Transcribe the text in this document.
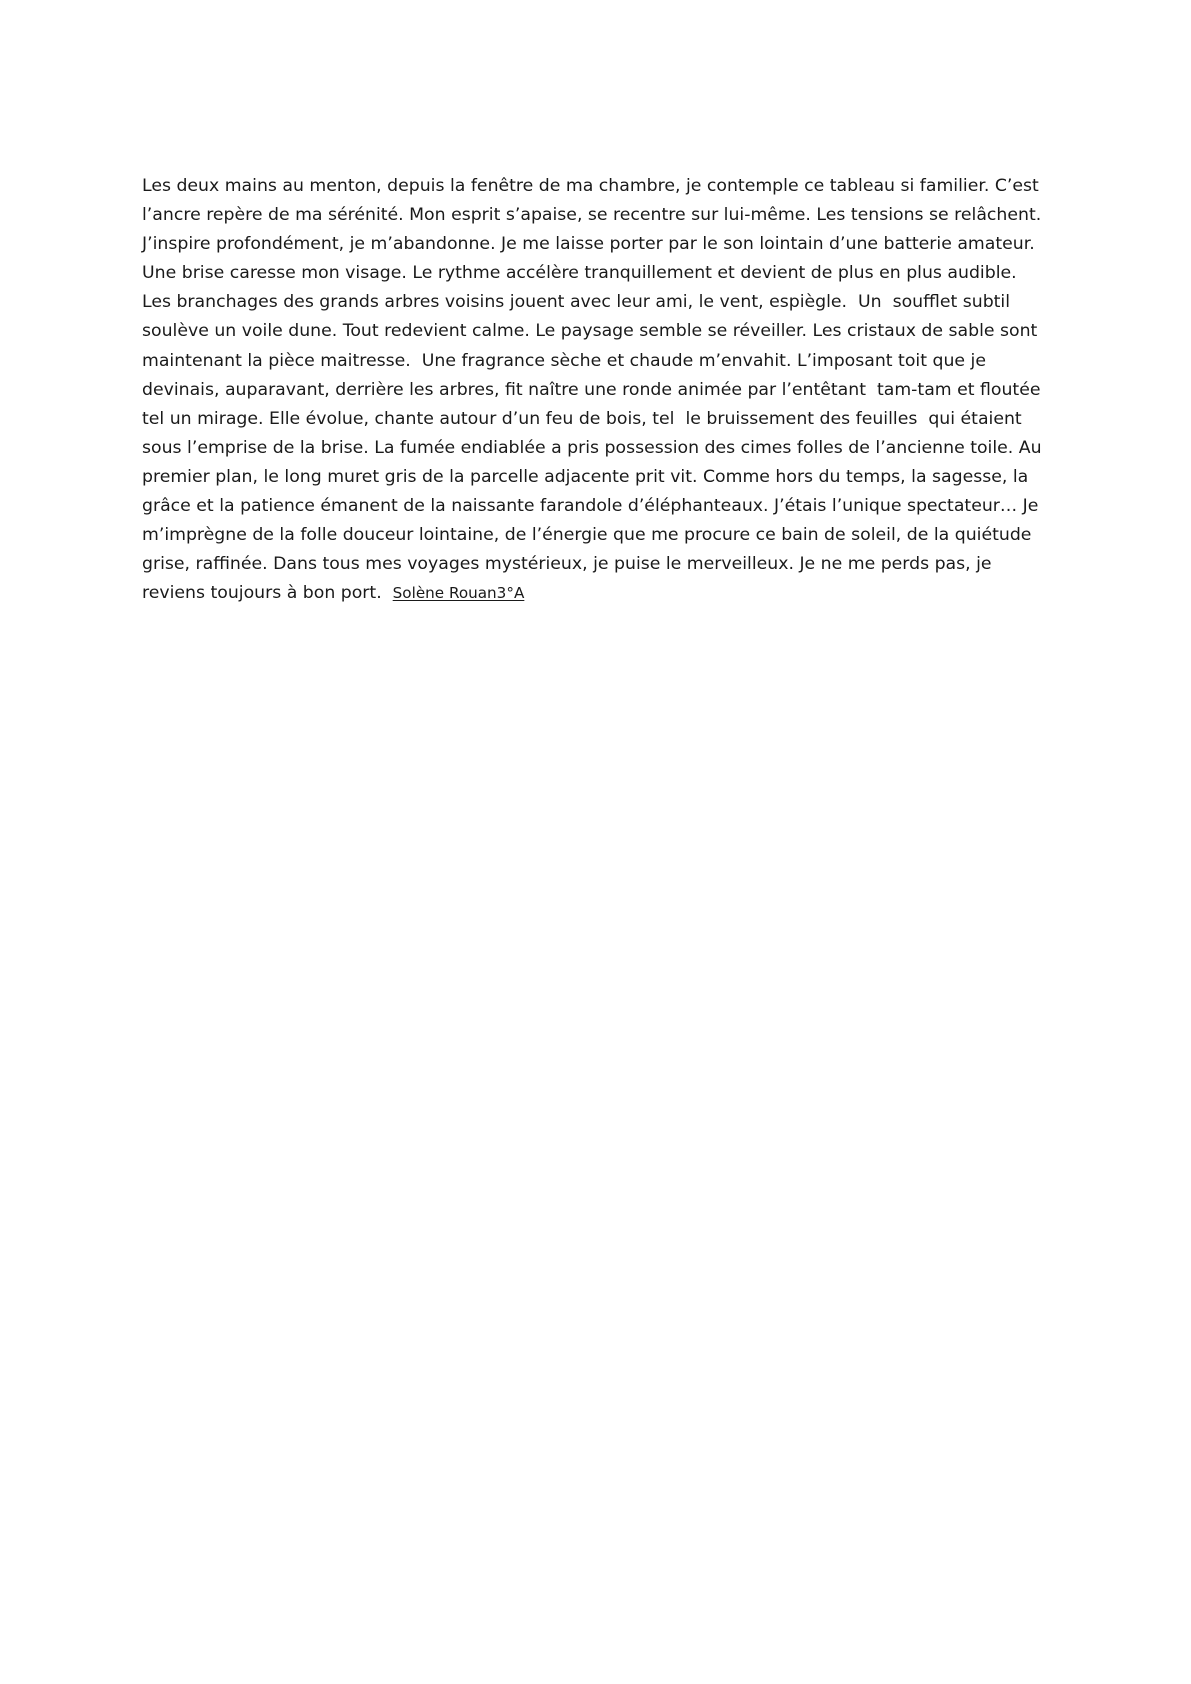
Les deux mains au menton, depuis la fenêtre de ma chambre, je contemple ce tableau si familier. C’est
l’ancre repère de ma sérénité. Mon esprit s’apaise, se recentre sur lui-même. Les tensions se relâchent.
J’inspire profondément, je m’abandonne. Je me laisse porter par le son lointain d’une batterie amateur.
Une brise caresse mon visage. Le rythme accélère tranquillement et devient de plus en plus audible.
Les branchages des grands arbres voisins jouent avec leur ami, le vent, espiègle.  Un  soufflet subtil
soulève un voile dune. Tout redevient calme. Le paysage semble se réveiller. Les cristaux de sable sont
maintenant la pièce maitresse.  Une fragrance sèche et chaude m’envahit. L’imposant toit que je
devinais, auparavant, derrière les arbres, fit naître une ronde animée par l’entêtant  tam-tam et floutée
tel un mirage. Elle évolue, chante autour d’un feu de bois, tel  le bruissement des feuilles  qui étaient
sous l’emprise de la brise. La fumée endiablée a pris possession des cimes folles de l’ancienne toile. Au
premier plan, le long muret gris de la parcelle adjacente prit vit. Comme hors du temps, la sagesse, la
grâce et la patience émanent de la naissante farandole d’éléphanteaux. J’étais l’unique spectateur… Je
m’imprègne de la folle douceur lointaine, de l’énergie que me procure ce bain de soleil, de la quiétude
grise, raffinée. Dans tous mes voyages mystérieux, je puise le merveilleux. Je ne me perds pas, je
reviens toujours à bon port.  Solène Rouan3°A
